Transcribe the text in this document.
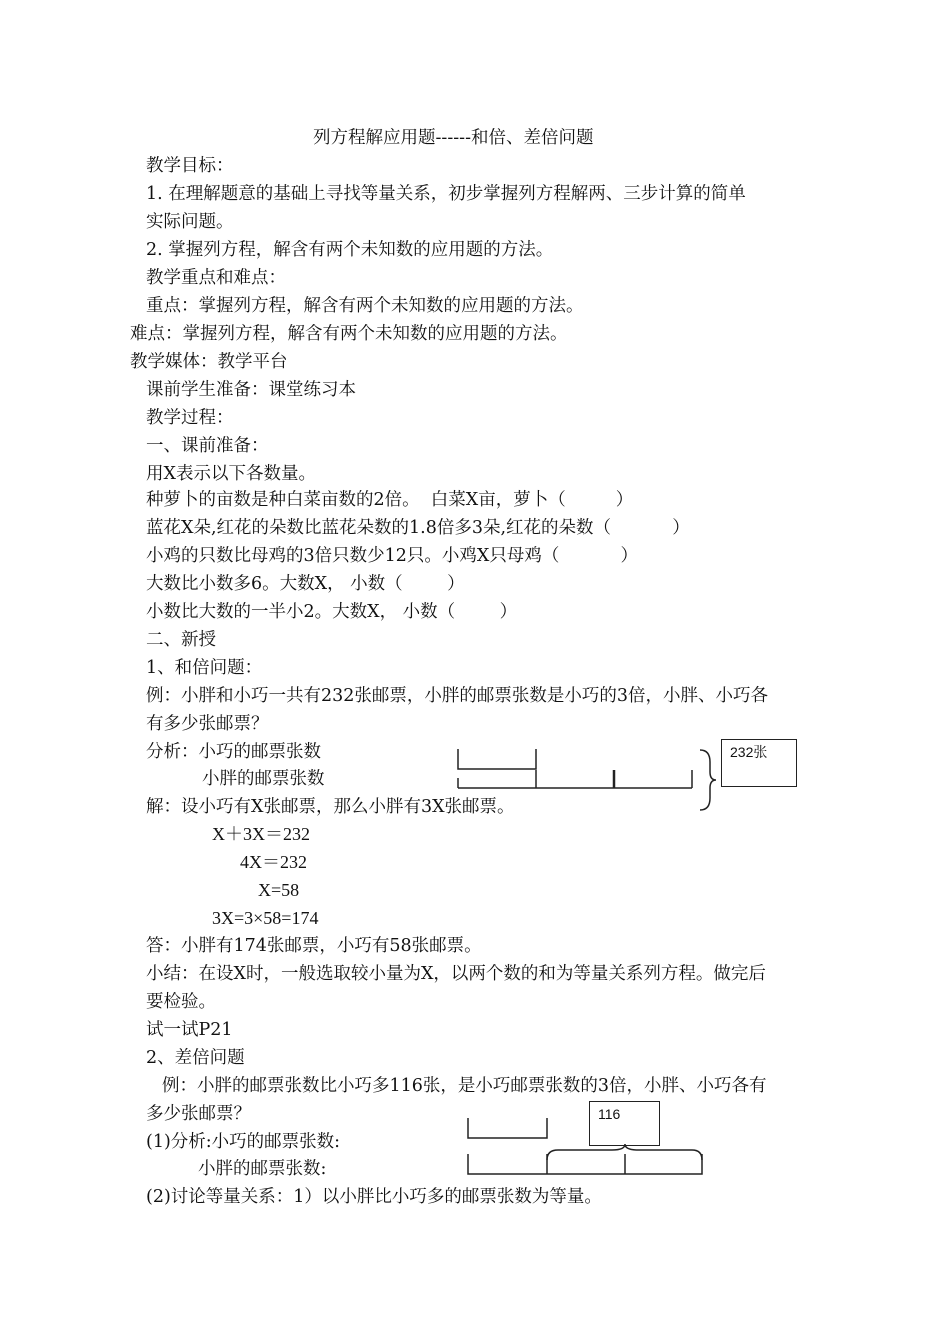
列方程解应用题------和倍、差倍问题
教学目标：
1. 在理解题意的基础上寻找等量关系，初步掌握列方程解两、三步计算的简单
实际问题。
2. 掌握列方程，解含有两个未知数的应用题的方法。
教学重点和难点：
重点：掌握列方程，解含有两个未知数的应用题的方法。
难点：掌握列方程，解含有两个未知数的应用题的方法。
教学媒体：教学平台
课前学生准备：课堂练习本
教学过程：
一、课前准备：
用X表示以下各数量。
种萝卜的亩数是种白菜亩数的2倍。  白菜X亩，萝卜（         ）
蓝花X朵,红花的朵数比蓝花朵数的1.8倍多3朵,红花的朵数（           ）
小鸡的只数比母鸡的3倍只数少12只。小鸡X只母鸡（           ）
大数比小数多6。大数X， 小数（        ）
小数比大数的一半小2。大数X， 小数（        ）
二、新授
1、和倍问题：
例：小胖和小巧一共有232张邮票，小胖的邮票张数是小巧的3倍，小胖、小巧各
有多少张邮票？
分析：小巧的邮票张数
小胖的邮票张数
解：设小巧有X张邮票，那么小胖有3X张邮票。
X＋3X＝232
4X＝232
X=58
3X=3×58=174
答：小胖有174张邮票，小巧有58张邮票。
小结：在设X时，一般选取较小量为X，以两个数的和为等量关系列方程。做完后
要检验。
试一试P21
2、差倍问题
例：小胖的邮票张数比小巧多116张，是小巧邮票张数的3倍，小胖、小巧各有
多少张邮票？
(1)分析:小巧的邮票张数:
小胖的邮票张数:
(2)讨论等量关系：1）以小胖比小巧多的邮票张数为等量。
232张
116
